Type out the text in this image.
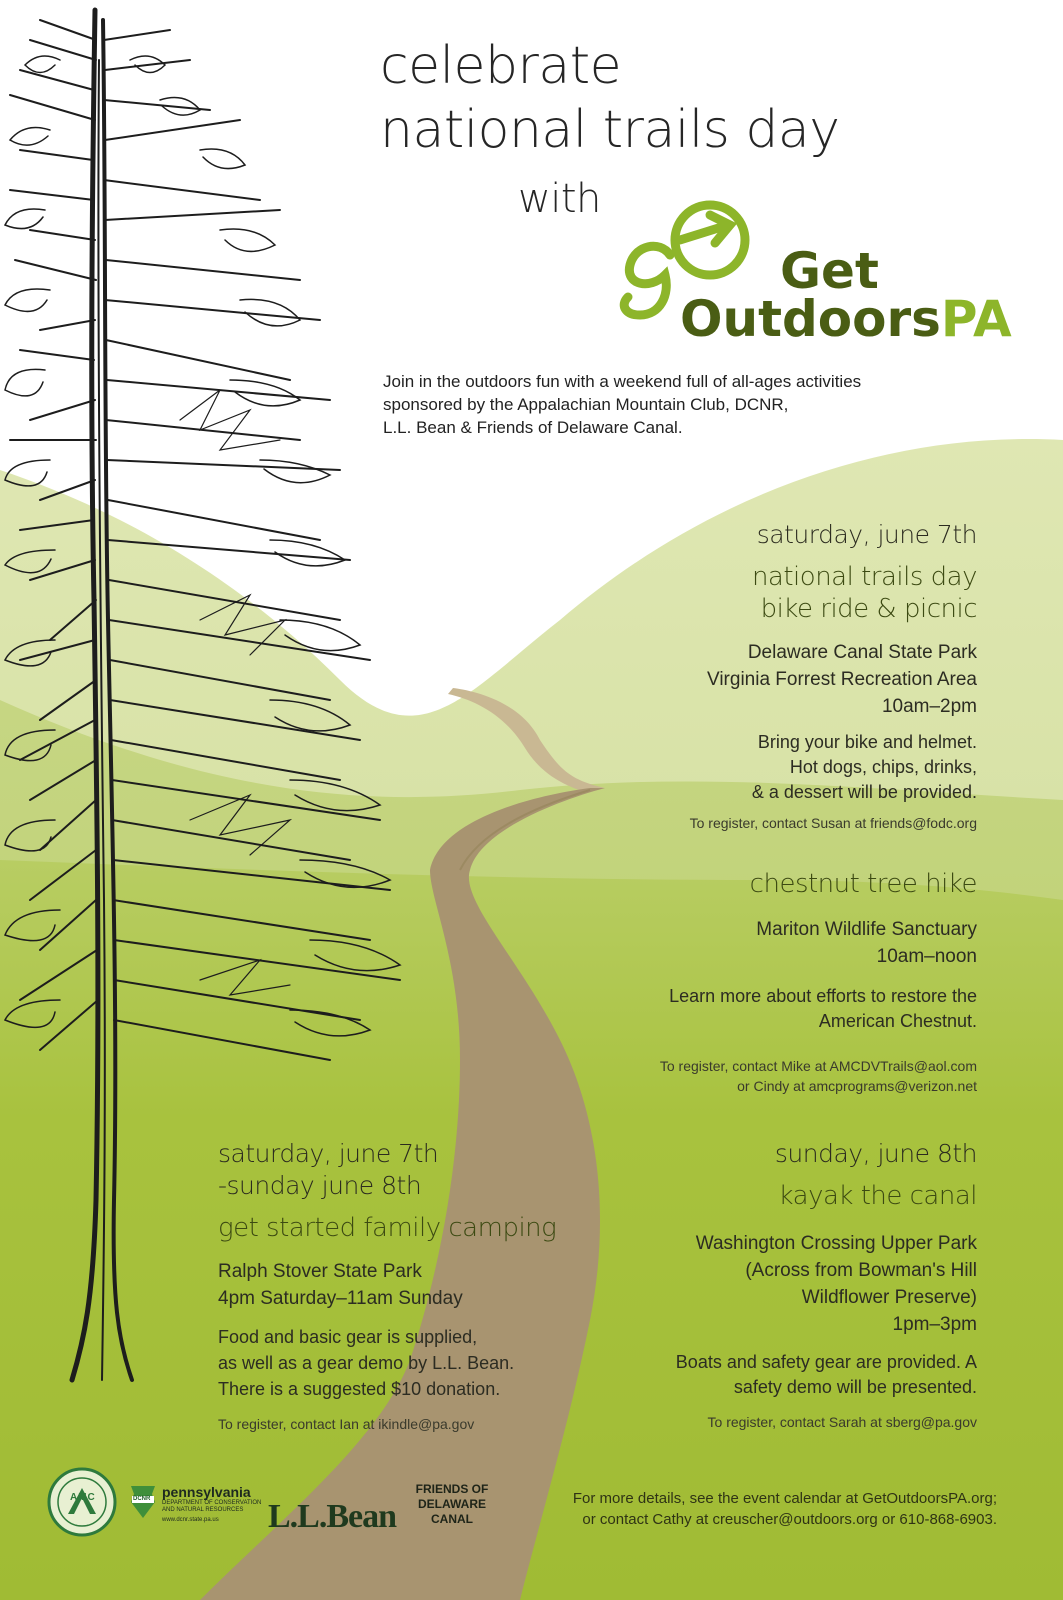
celebrate
national trails day
with
Get
OutdoorsPA
Join in the outdoors fun with a weekend full of all-ages activities
sponsored by the Appalachian Mountain Club, DCNR,
L.L. Bean & Friends of Delaware Canal.
saturday, june 7th
national trails day
bike ride & picnic
Delaware Canal State Park
Virginia Forrest Recreation Area
10am–2pm
Bring your bike and helmet.
Hot dogs, chips, drinks,
& a dessert will be provided.
To register, contact Susan at friends@fodc.org
chestnut tree hike
Mariton Wildlife Sanctuary
10am–noon
Learn more about efforts to restore the
American Chestnut.
To register, contact Mike at AMCDVTrails@aol.com
or Cindy at amcprograms@verizon.net
saturday, june 7th
-sunday june 8th
get started family camping
Ralph Stover State Park
4pm Saturday–11am Sunday
Food and basic gear is supplied,
as well as a gear demo by L.L. Bean.
There is a suggested $10 donation.
To register, contact Ian at ikindle@pa.gov
sunday, june 8th
kayak the canal
Washington Crossing Upper Park
(Across from Bowman's Hill
Wildflower Preserve)
1pm–3pm
Boats and safety gear are provided. A
safety demo will be presented.
To register, contact Sarah at sberg@pa.gov
For more details, see the event calendar at GetOutdoorsPA.org;
or contact Cathy at creuscher@outdoors.org or 610-868-6903.
AMC	DCNR pennsylvania
DEPARTMENT OF CONSERVATION
AND NATURAL RESOURCES
www.dcnr.state.pa.us	L.L.Bean
FRIENDS OF
DELAWARE
CANAL
